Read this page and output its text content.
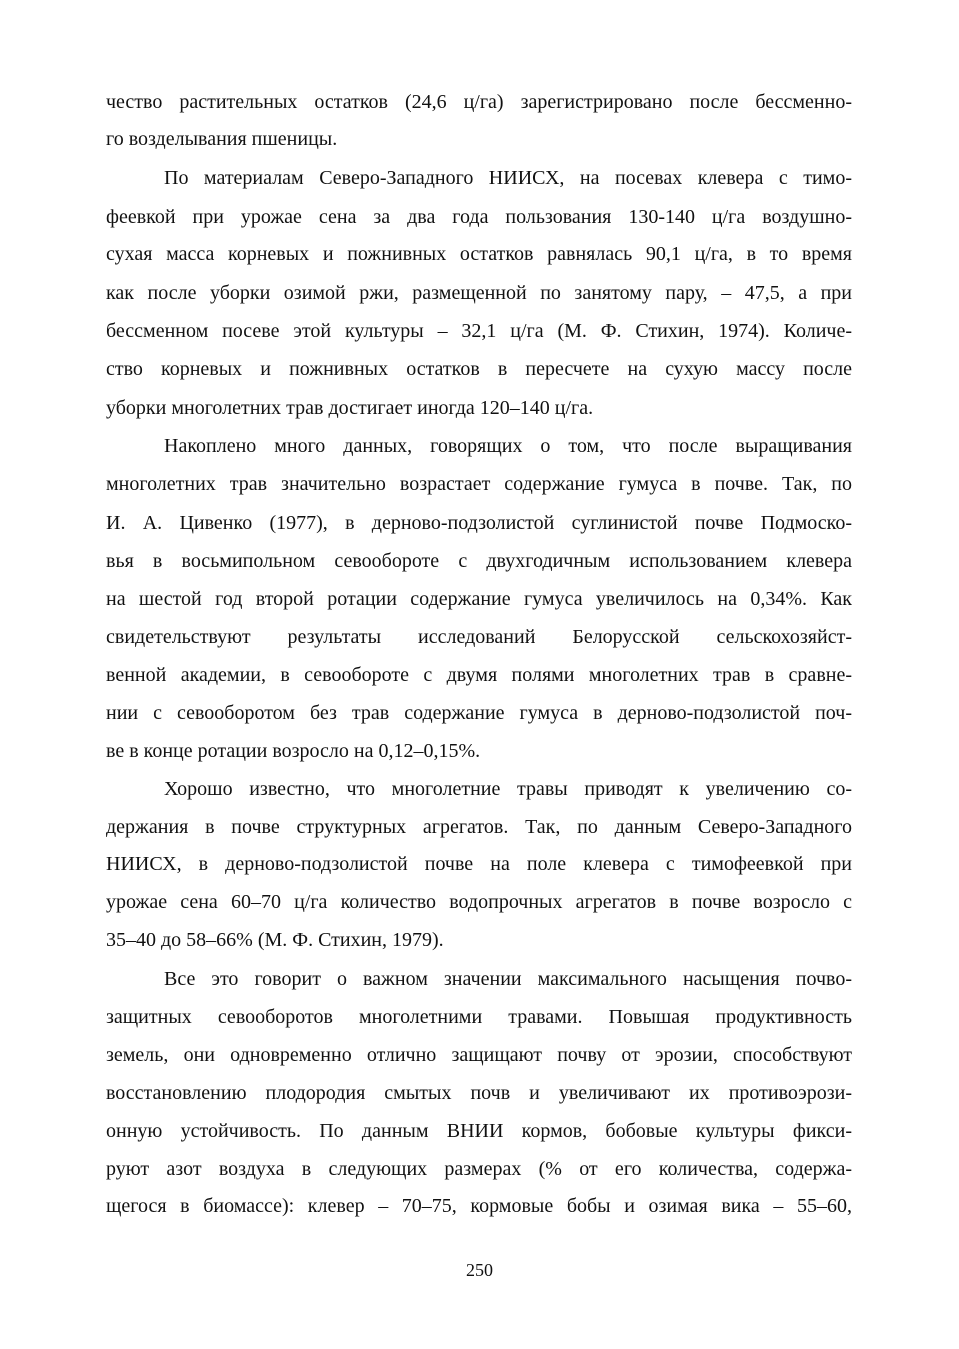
чество растительных остатков (24,6 ц/га) зарегистрировано после бессменно-
го возделывания пшеницы.
По материалам Северо-Западного НИИСХ, на посевах клевера с тимо-
феевкой при урожае сена за два года пользования 130-140 ц/га воздушно-
сухая масса корневых и пожнивных остатков равнялась 90,1 ц/га, в то время
как после уборки озимой ржи, размещенной по занятому пару, – 47,5, а при
бессменном посеве этой культуры – 32,1 ц/га (М. Ф. Стихин, 1974). Количе-
ство корневых и пожнивных остатков в пересчете на сухую массу после
уборки многолетних трав достигает иногда 120–140 ц/га.
Накоплено много данных, говорящих о том, что после выращивания
многолетних трав значительно возрастает содержание гумуса в почве. Так, по
И. А. Цивенко (1977), в дерново-подзолистой суглинистой почве Подмоско-
вья в восьмипольном севообороте с двухгодичным использованием клевера
на шестой год второй ротации содержание гумуса увеличилось на 0,34%. Как
свидетельствуют результаты исследований Белорусской сельскохозяйст-
венной академии, в севообороте с двумя полями многолетних трав в сравне-
нии с севооборотом без трав содержание гумуса в дерново-подзолистой поч-
ве в конце ротации возросло на 0,12–0,15%.
Хорошо известно, что многолетние травы приводят к увеличению со-
держания в почве структурных агрегатов. Так, по данным Северо-Западного
НИИСХ, в дерново-подзолистой почве на поле клевера с тимофеевкой при
урожае сена 60–70 ц/га количество водопрочных агрегатов в почве возросло с
35–40 до 58–66% (М. Ф. Стихин, 1979).
Все это говорит о важном значении максимального насыщения почво-
защитных севооборотов многолетними травами. Повышая продуктивность
земель, они одновременно отлично защищают почву от эрозии, способствуют
восстановлению плодородия смытых почв и увеличивают их противоэрози-
онную устойчивость. По данным ВНИИ кормов, бобовые культуры фикси-
руют азот воздуха в следующих размерах (% от его количества, содержа-
щегося в биомассе): клевер – 70–75, кормовые бобы и озимая вика – 55–60,
250
